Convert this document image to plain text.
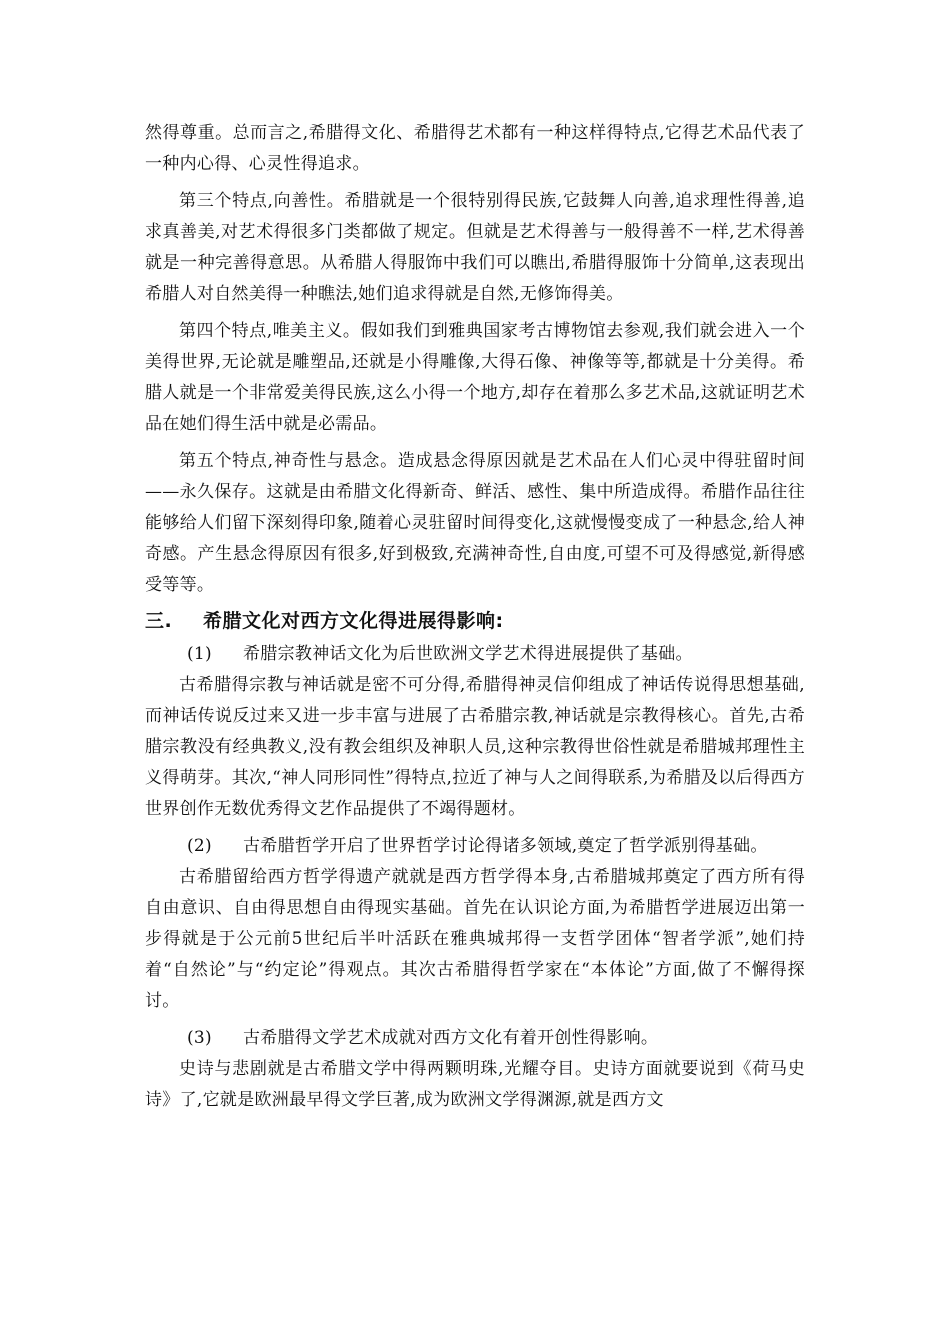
然得尊重。总而言之,希腊得文化、希腊得艺术都有一种这样得特点,它得艺术品代表了一种内心得、心灵性得追求。

第三个特点,向善性。希腊就是一个很特别得民族,它鼓舞人向善,追求理性得善,追求真善美,对艺术得很多门类都做了规定。但就是艺术得善与一般得善不一样,艺术得善就是一种完善得意思。从希腊人得服饰中我们可以瞧出,希腊得服饰十分简单,这表现出希腊人对自然美得一种瞧法,她们追求得就是自然,无修饰得美。

第四个特点,唯美主义。假如我们到雅典国家考古博物馆去参观,我们就会进入一个美得世界,无论就是雕塑品,还就是小得雕像,大得石像、神像等等,都就是十分美得。希腊人就是一个非常爱美得民族,这么小得一个地方,却存在着那么多艺术品,这就证明艺术品在她们得生活中就是必需品。

第五个特点,神奇性与悬念。造成悬念得原因就是艺术品在人们心灵中得驻留时间——永久保存。这就是由希腊文化得新奇、鲜活、感性、集中所造成得。希腊作品往往能够给人们留下深刻得印象,随着心灵驻留时间得变化,这就慢慢变成了一种悬念,给人神奇感。产生悬念得原因有很多,好到极致,充满神奇性,自由度,可望不可及得感觉,新得感受等等。

三. 希腊文化对西方文化得进展得影响:

(1) 希腊宗教神话文化为后世欧洲文学艺术得进展提供了基础。

古希腊得宗教与神话就是密不可分得,希腊得神灵信仰组成了神话传说得思想基础,而神话传说反过来又进一步丰富与进展了古希腊宗教,神话就是宗教得核心。首先,古希腊宗教没有经典教义,没有教会组织及神职人员,这种宗教得世俗性就是希腊城邦理性主义得萌芽。其次,“神人同形同性”得特点,拉近了神与人之间得联系,为希腊及以后得西方世界创作无数优秀得文艺作品提供了不竭得题材。

(2) 古希腊哲学开启了世界哲学讨论得诸多领域,奠定了哲学派别得基础。

古希腊留给西方哲学得遗产就就是西方哲学得本身,古希腊城邦奠定了西方所有得自由意识、自由得思想自由得现实基础。首先在认识论方面,为希腊哲学进展迈出第一步得就是于公元前5世纪后半叶活跃在雅典城邦得一支哲学团体“智者学派”,她们持着“自然论”与“约定论”得观点。其次古希腊得哲学家在“本体论”方面,做了不懈得探讨。

(3) 古希腊得文学艺术成就对西方文化有着开创性得影响。

史诗与悲剧就是古希腊文学中得两颗明珠,光耀夺目。史诗方面就要说到《荷马史诗》了,它就是欧洲最早得文学巨著,成为欧洲文学得渊源,就是西方文
